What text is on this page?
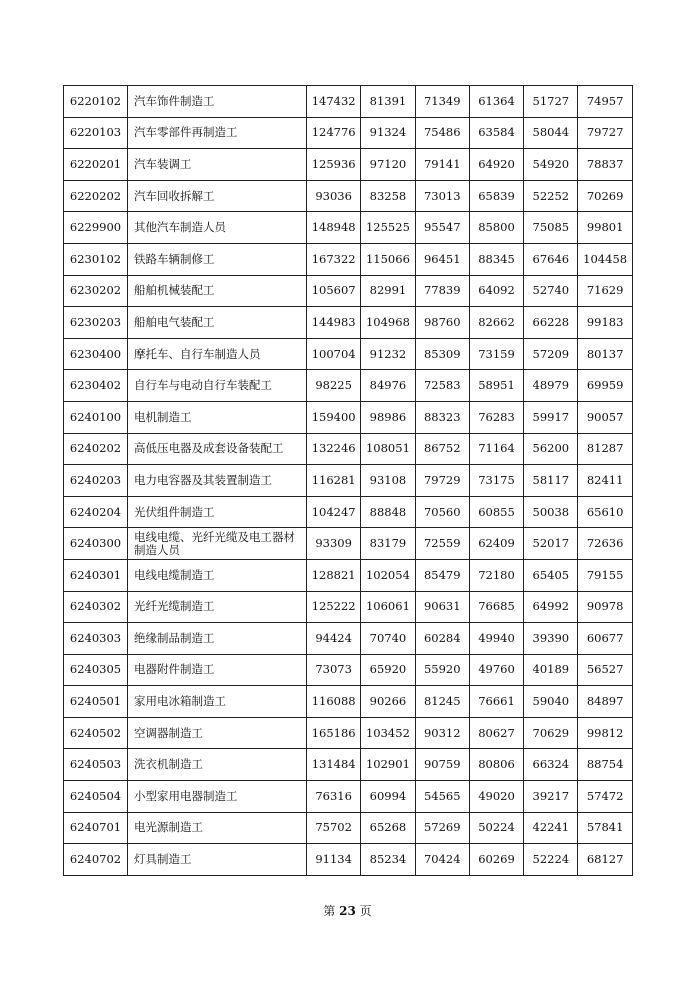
6220102	汽车饰件制造工	147432	81391	71349	61364	51727	74957
6220103	汽车零部件再制造工	124776	91324	75486	63584	58044	79727
6220201	汽车装调工	125936	97120	79141	64920	54920	78837
6220202	汽车回收拆解工	93036	83258	73013	65839	52252	70269
6229900	其他汽车制造人员	148948	125525	95547	85800	75085	99801
6230102	铁路车辆制修工	167322	115066	96451	88345	67646	104458
6230202	船舶机械装配工	105607	82991	77839	64092	52740	71629
6230203	船舶电气装配工	144983	104968	98760	82662	66228	99183
6230400	摩托车、自行车制造人员	100704	91232	85309	73159	57209	80137
6230402	自行车与电动自行车装配工	98225	84976	72583	58951	48979	69959
6240100	电机制造工	159400	98986	88323	76283	59917	90057
6240202	高低压电器及成套设备装配工	132246	108051	86752	71164	56200	81287
6240203	电力电容器及其装置制造工	116281	93108	79729	73175	58117	82411
6240204	光伏组件制造工	104247	88848	70560	60855	50038	65610
6240300	电线电缆、光纤光缆及电工器材制造人员	93309	83179	72559	62409	52017	72636
6240301	电线电缆制造工	128821	102054	85479	72180	65405	79155
6240302	光纤光缆制造工	125222	106061	90631	76685	64992	90978
6240303	绝缘制品制造工	94424	70740	60284	49940	39390	60677
6240305	电器附件制造工	73073	65920	55920	49760	40189	56527
6240501	家用电冰箱制造工	116088	90266	81245	76661	59040	84897
6240502	空调器制造工	165186	103452	90312	80627	70629	99812
6240503	洗衣机制造工	131484	102901	90759	80806	66324	88754
6240504	小型家用电器制造工	76316	60994	54565	49020	39217	57472
6240701	电光源制造工	75702	65268	57269	50224	42241	57841
6240702	灯具制造工	91134	85234	70424	60269	52224	68127
第 23 页
